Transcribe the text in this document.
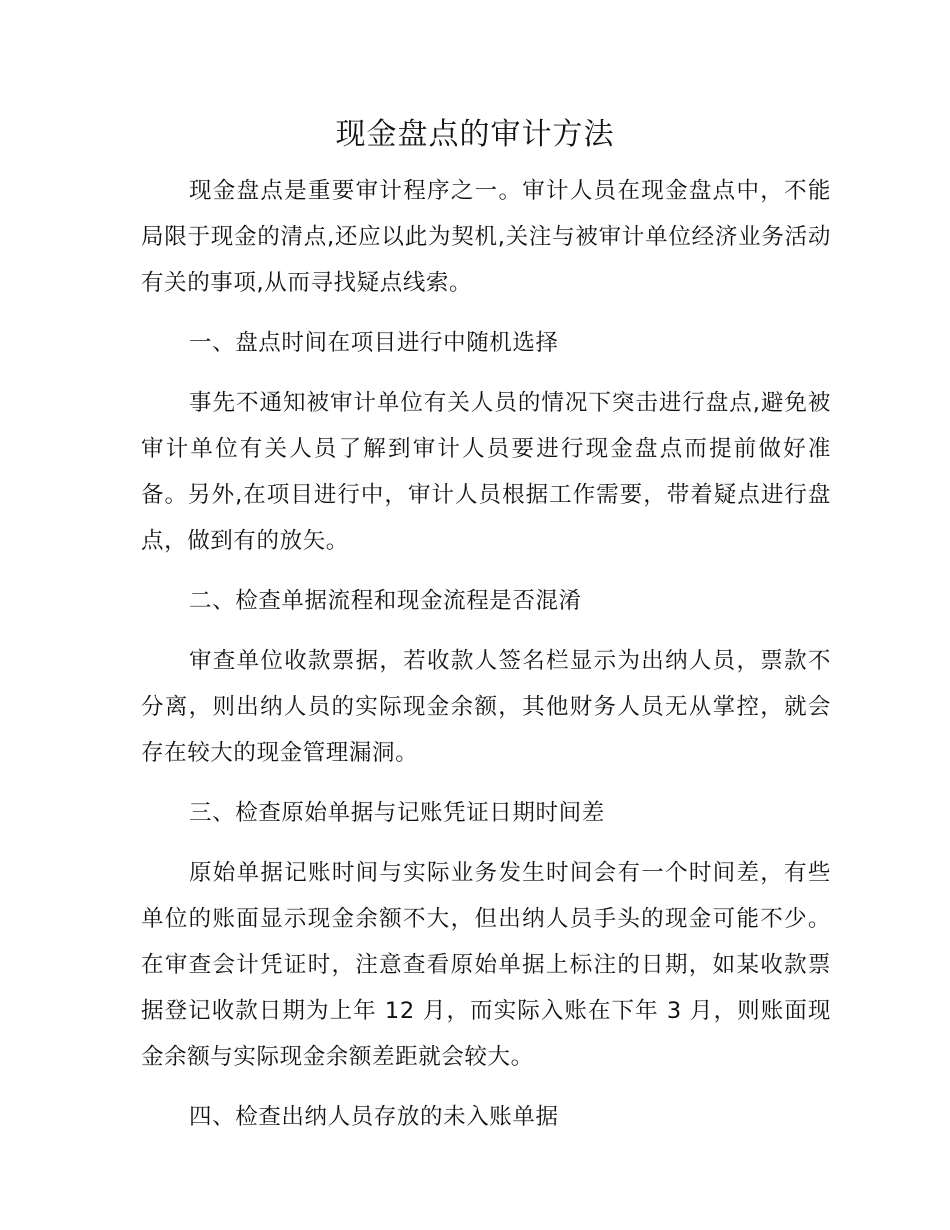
现金盘点的审计方法

现金盘点是重要审计程序之一。审计人员在现金盘点中，不能局限于现金的清点,还应以此为契机,关注与被审计单位经济业务活动有关的事项,从而寻找疑点线索。

一、盘点时间在项目进行中随机选择

事先不通知被审计单位有关人员的情况下突击进行盘点,避免被审计单位有关人员了解到审计人员要进行现金盘点而提前做好准备。另外,在项目进行中，审计人员根据工作需要，带着疑点进行盘点，做到有的放矢。

二、检查单据流程和现金流程是否混淆

审查单位收款票据，若收款人签名栏显示为出纳人员，票款不分离，则出纳人员的实际现金余额，其他财务人员无从掌控，就会存在较大的现金管理漏洞。

三、检查原始单据与记账凭证日期时间差

原始单据记账时间与实际业务发生时间会有一个时间差，有些单位的账面显示现金余额不大，但出纳人员手头的现金可能不少。在审查会计凭证时，注意查看原始单据上标注的日期，如某收款票据登记收款日期为上年 12 月，而实际入账在下年 3 月，则账面现金余额与实际现金余额差距就会较大。

四、检查出纳人员存放的未入账单据
